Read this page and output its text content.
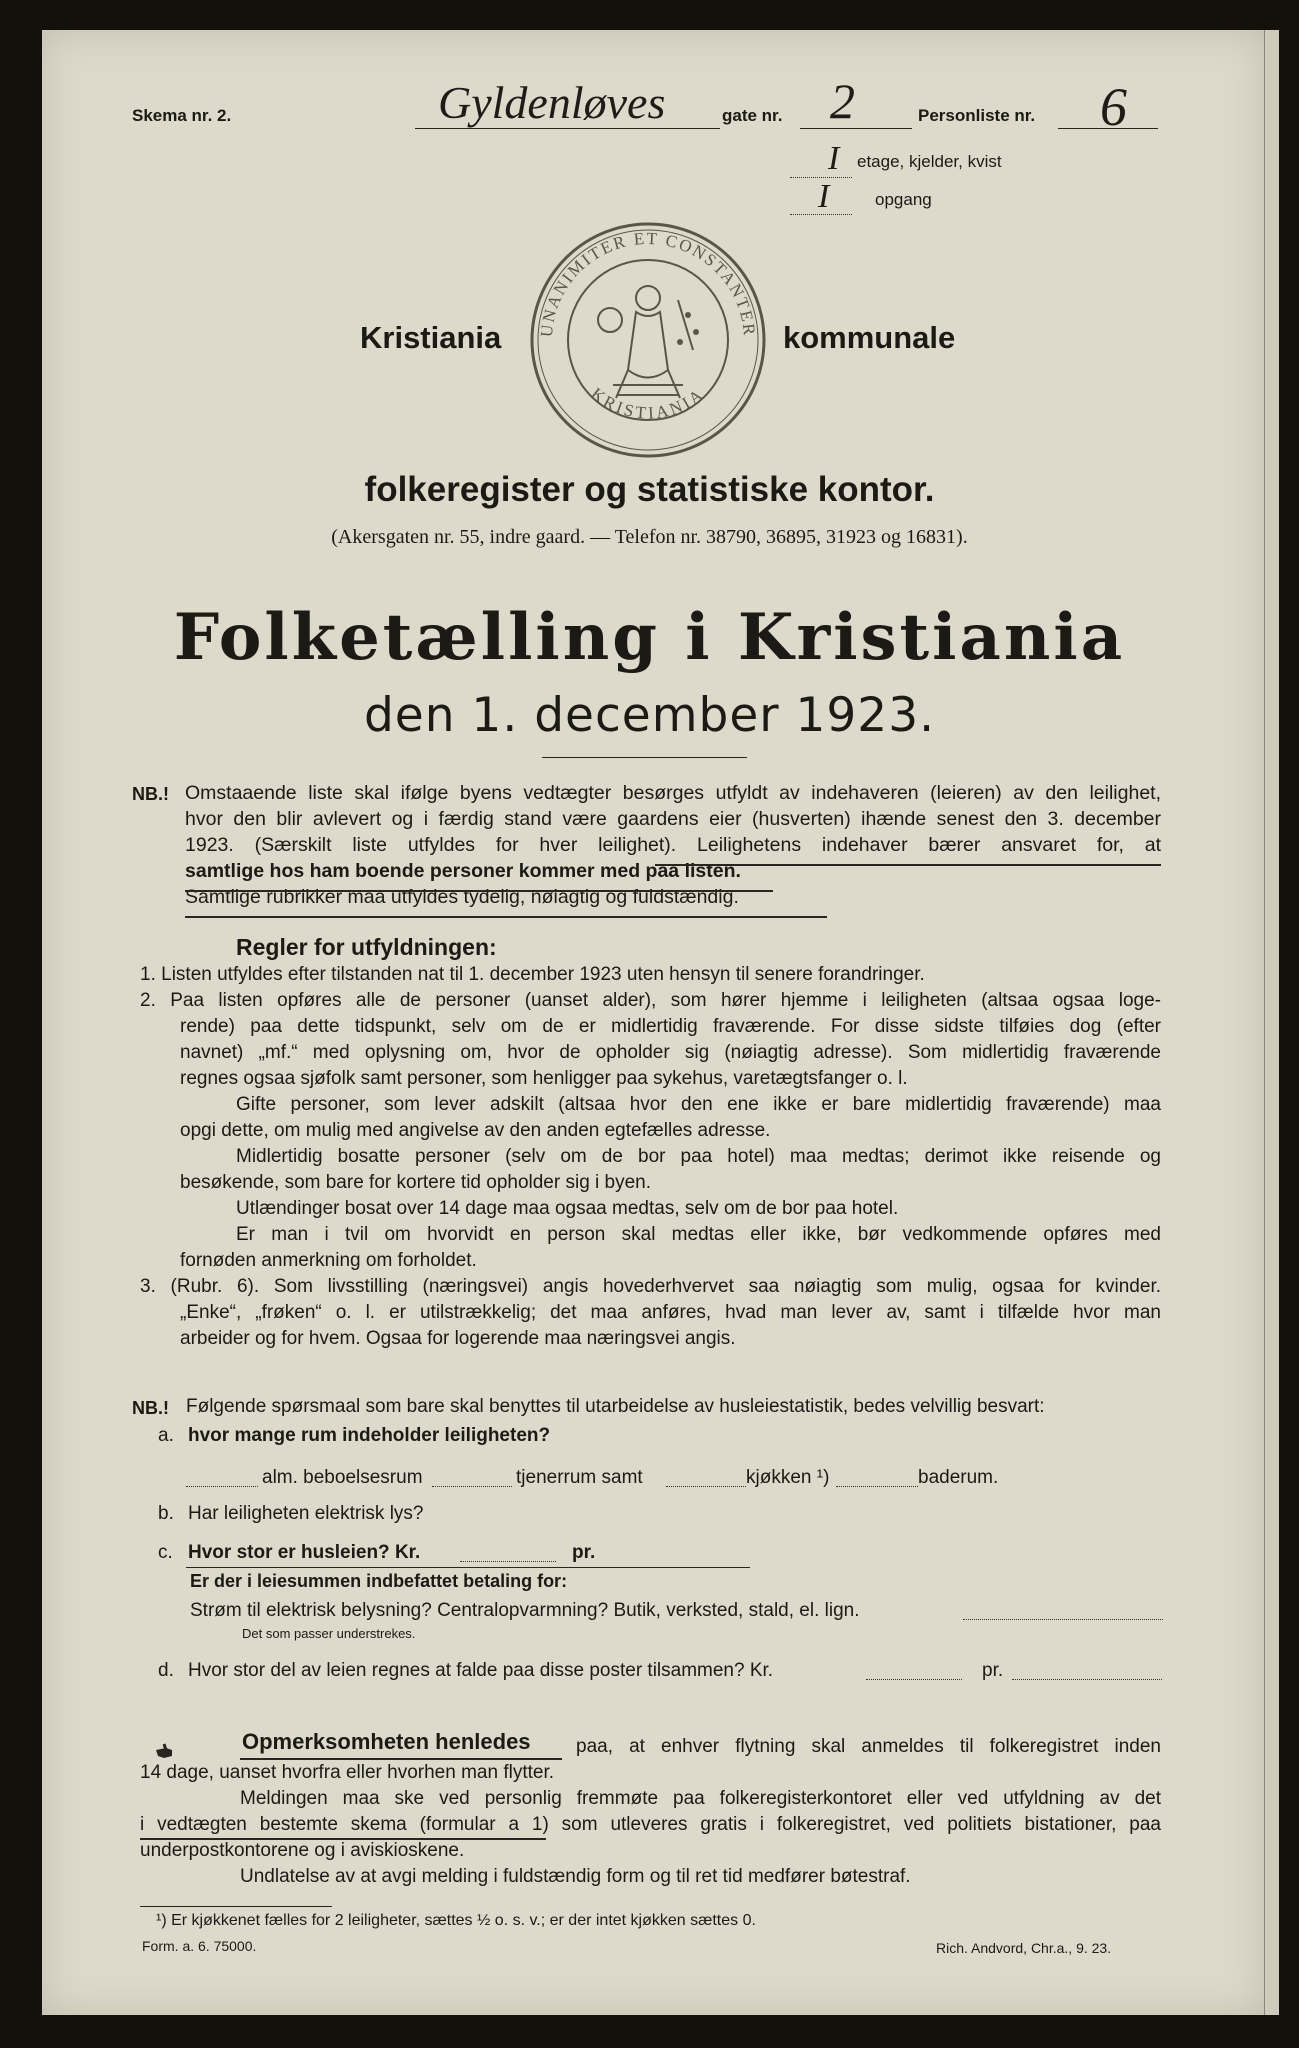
Skema nr. 2.	Gyldenløves	gate nr. 2	Personliste nr. 6
I etage, kjelder, kvist
I	opgang
UNANIMITER ET CONSTANTER
KRISTIANIA
Kristiania	kommunale
folkeregister og statistiske kontor.
(Akersgaten nr. 55, indre gaard. — Telefon nr. 38790, 36895, 31923 og 16831).
Folketælling i Kristiania
den 1. december 1923.
NB.! Omstaaende liste skal ifølge byens vedtægter besørges utfyldt av indehaveren (leieren) av den leilighet,
hvor den blir avlevert og i færdig stand være gaardens eier (husverten) ihænde senest den 3. december
1923. (Særskilt liste utfyldes for hver leilighet). Leilighetens indehaver bærer ansvaret for, at
samtlige hos ham boende personer kommer med paa listen.
Samtlige rubrikker maa utfyldes tydelig, nøiagtig og fuldstændig.
Regler for utfyldningen:
1. Listen utfyldes efter tilstanden nat til 1. december 1923 uten hensyn til senere forandringer.
2. Paa listen opføres alle de personer (uanset alder), som hører hjemme i leiligheten (altsaa ogsaa loge-
rende) paa dette tidspunkt, selv om de er midlertidig fraværende. For disse sidste tilføies dog (efter
navnet) „mf.“ med oplysning om, hvor de opholder sig (nøiagtig adresse). Som midlertidig fraværende
regnes ogsaa sjøfolk samt personer, som henligger paa sykehus, varetægtsfanger o. l.
Gifte personer, som lever adskilt (altsaa hvor den ene ikke er bare midlertidig fraværende) maa
opgi dette, om mulig med angivelse av den anden egtefælles adresse.
Midlertidig bosatte personer (selv om de bor paa hotel) maa medtas; derimot ikke reisende og
besøkende, som bare for kortere tid opholder sig i byen.
Utlændinger bosat over 14 dage maa ogsaa medtas, selv om de bor paa hotel.
Er man i tvil om hvorvidt en person skal medtas eller ikke, bør vedkommende opføres med
fornøden anmerkning om forholdet.
3. (Rubr. 6). Som livsstilling (næringsvei) angis hovederhvervet saa nøiagtig som mulig, ogsaa for kvinder.
„Enke“, „frøken“ o. l. er utilstrækkelig; det maa anføres, hvad man lever av, samt i tilfælde hvor man
arbeider og for hvem. Ogsaa for logerende maa næringsvei angis.
NB.! Følgende spørsmaal som bare skal benyttes til utarbeidelse av husleiestatistik, bedes velvillig besvart:
a. hvor mange rum indeholder leiligheten?
alm. beboelsesrum	tjenerrum samt	kjøkken ¹)	baderum.
b. Har leiligheten elektrisk lys?
c. Hvor stor er husleien? Kr.	pr.
Er der i leiesummen indbefattet betaling for:
Strøm til elektrisk belysning? Centralopvarmning? Butik, verksted, stald, el. lign.
Det som passer understrekes.
d. Hvor stor del av leien regnes at falde paa disse poster tilsammen? Kr.	pr.
Opmerksomheten henledes	paa, at enhver flytning skal anmeldes til folkeregistret inden
14 dage, uanset hvorfra eller hvorhen man flytter.
Meldingen maa ske ved personlig fremmøte paa folkeregisterkontoret eller ved utfyldning av det
i vedtægten bestemte skema (formular a 1) som utleveres gratis i folkeregistret, ved politiets bistationer, paa
underpostkontorene og i aviskioskene.
Undlatelse av at avgi melding i fuldstændig form og til ret tid medfører bøtestraf.
¹) Er kjøkkenet fælles for 2 leiligheter, sættes ½ o. s. v.; er der intet kjøkken sættes 0.
Form. a. 6. 75000.	Rich. Andvord, Chr.a., 9. 23.
